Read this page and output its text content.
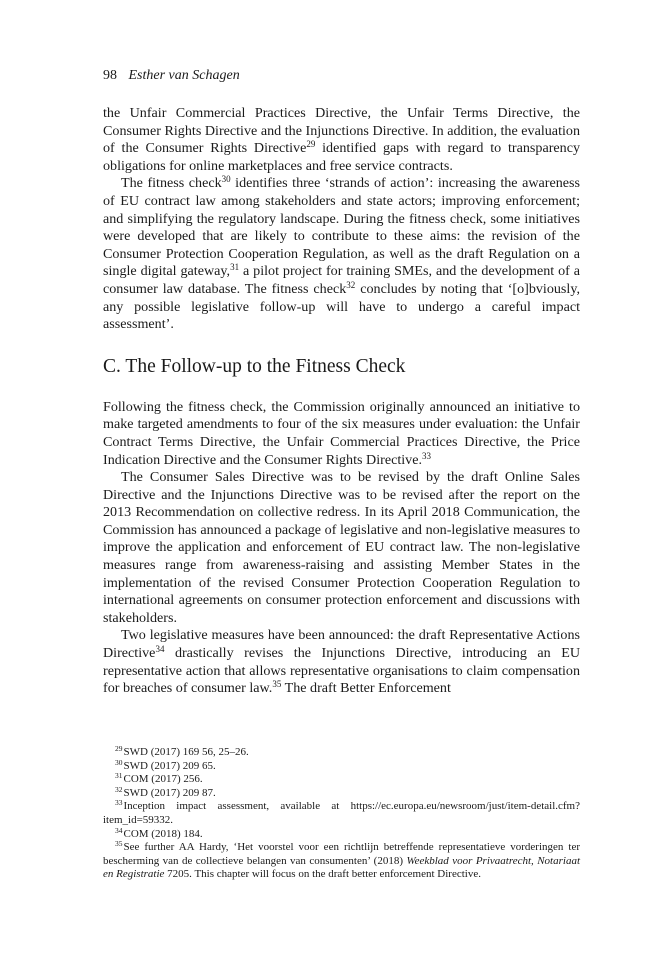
98 Esther van Schagen

the Unfair Commercial Practices Directive, the Unfair Terms Directive, the Consumer Rights Directive and the Injunctions Directive. In addition, the evaluation of the Consumer Rights Directive$^{29}$ identified gaps with regard to transparency obligations for online marketplaces and free service contracts.

The fitness check$^{30}$ identifies three ‘strands of action’: increasing the awareness of EU contract law among stakeholders and state actors; improving enforcement; and simplifying the regulatory landscape. During the fitness check, some initiatives were developed that are likely to contribute to these aims: the revision of the Consumer Protection Cooperation Regulation, as well as the draft Regulation on a single digital gateway,$^{31}$ a pilot project for training SMEs, and the development of a consumer law database. The fitness check$^{32}$ concludes by noting that ‘[o]bviously, any possible legislative follow-up will have to undergo a careful impact assessment’.

C. The Follow-up to the Fitness Check

Following the fitness check, the Commission originally announced an initiative to make targeted amendments to four of the six measures under evaluation: the Unfair Contract Terms Directive, the Unfair Commercial Practices Directive, the Price Indication Directive and the Consumer Rights Directive.$^{33}$

The Consumer Sales Directive was to be revised by the draft Online Sales Directive and the Injunctions Directive was to be revised after the report on the 2013 Recommendation on collective redress. In its April 2018 Communication, the Commission has announced a package of legislative and non-legislative measures to improve the application and enforcement of EU contract law. The non-legislative measures range from awareness-raising and assisting Member States in the implementation of the revised Consumer Protection Cooperation Regulation to international agreements on consumer protection enforcement and discussions with stakeholders.

Two legislative measures have been announced: the draft Representative Actions Directive$^{34}$ drastically revises the Injunctions Directive, introducing an EU representative action that allows representative organisations to claim compensation for breaches of consumer law.$^{35}$ The draft Better Enforcement

$^{29}$SWD (2017) 169 56, 25–26.

$^{30}$SWD (2017) 209 65.

$^{31}$COM (2017) 256.

$^{32}$SWD (2017) 209 87.

$^{33}$Inception impact assessment, available at https://ec.europa.eu/newsroom/just/item-detail.cfm?item_id=59332.

$^{34}$COM (2018) 184.

$^{35}$See further AA Hardy, ‘Het voorstel voor een richtlijn betreffende representatieve vorderingen ter bescherming van de collectieve belangen van consumenten’ (2018) Weekblad voor Privaatrecht, Notariaat en Registratie 7205. This chapter will focus on the draft better enforcement Directive.
